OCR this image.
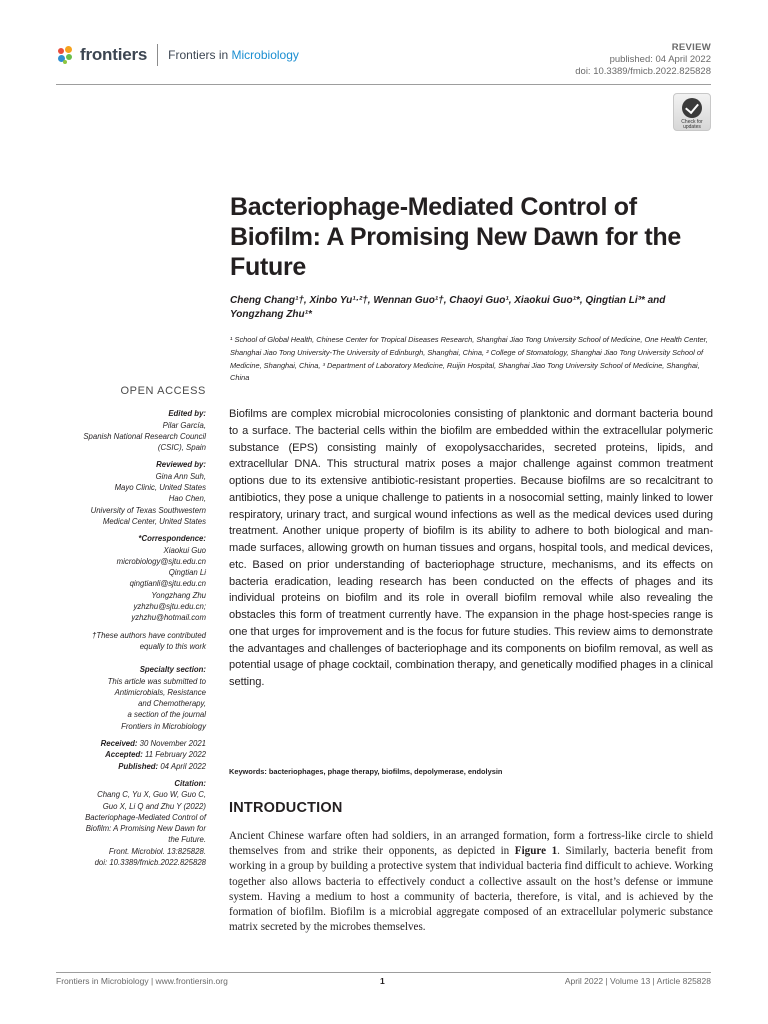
frontiers Frontiers in Microbiology
REVIEW
published: 04 April 2022
doi: 10.3389/fmicb.2022.825828
Check for updates
Bacteriophage-Mediated Control of Biofilm: A Promising New Dawn for the Future
Cheng Chang¹†, Xinbo Yu¹·²†, Wennan Guo¹†, Chaoyi Guo¹, Xiaokui Guo¹*, Qingtian Li³* and Yongzhang Zhu¹*
¹ School of Global Health, Chinese Center for Tropical Diseases Research, Shanghai Jiao Tong University School of Medicine, One Health Center, Shanghai Jiao Tong University-The University of Edinburgh, Shanghai, China, ² College of Stomatology, Shanghai Jiao Tong University School of Medicine, Shanghai, China, ³ Department of Laboratory Medicine, Ruijin Hospital, Shanghai Jiao Tong University School of Medicine, Shanghai, China
OPEN ACCESS
Edited by:
Pilar García,
Spanish National Research Council
(CSIC), Spain
Reviewed by:
Gina Ann Suh,
Mayo Clinic, United States
Hao Chen,
University of Texas Southwestern
Medical Center, United States
*Correspondence:
Xiaokui Guo
microbiology@sjtu.edu.cn
Qingtian Li
qingtianli@sjtu.edu.cn
Yongzhang Zhu
yzhzhu@sjtu.edu.cn;
yzhzhu@hotmail.com
†These authors have contributed
equally to this work
Specialty section:
This article was submitted to
Antimicrobials, Resistance
and Chemotherapy,
a section of the journal
Frontiers in Microbiology
Received: 30 November 2021
Accepted: 11 February 2022
Published: 04 April 2022
Citation:
Chang C, Yu X, Guo W, Guo C,
Guo X, Li Q and Zhu Y (2022)
Bacteriophage-Mediated Control of
Biofilm: A Promising New Dawn for
the Future.
Front. Microbiol. 13:825828.
doi: 10.3389/fmicb.2022.825828
Biofilms are complex microbial microcolonies consisting of planktonic and dormant bacteria bound to a surface. The bacterial cells within the biofilm are embedded within the extracellular polymeric substance (EPS) consisting mainly of exopolysaccharides, secreted proteins, lipids, and extracellular DNA. This structural matrix poses a major challenge against common treatment options due to its extensive antibiotic-resistant properties. Because biofilms are so recalcitrant to antibiotics, they pose a unique challenge to patients in a nosocomial setting, mainly linked to lower respiratory, urinary tract, and surgical wound infections as well as the medical devices used during treatment. Another unique property of biofilm is its ability to adhere to both biological and man-made surfaces, allowing growth on human tissues and organs, hospital tools, and medical devices, etc. Based on prior understanding of bacteriophage structure, mechanisms, and its effects on bacteria eradication, leading research has been conducted on the effects of phages and its individual proteins on biofilm and its role in overall biofilm removal while also revealing the obstacles this form of treatment currently have. The expansion in the phage host-species range is one that urges for improvement and is the focus for future studies. This review aims to demonstrate the advantages and challenges of bacteriophage and its components on biofilm removal, as well as potential usage of phage cocktail, combination therapy, and genetically modified phages in a clinical setting.
Keywords: bacteriophages, phage therapy, biofilms, depolymerase, endolysin
INTRODUCTION
Ancient Chinese warfare often had soldiers, in an arranged formation, form a fortress-like circle to shield themselves from and strike their opponents, as depicted in Figure 1. Similarly, bacteria benefit from working in a group by building a protective system that individual bacteria find difficult to achieve. Working together also allows bacteria to effectively conduct a collective assault on the host’s defense or immune system. Having a medium to host a community of bacteria, therefore, is vital, and is achieved by the formation of biofilm. Biofilm is a microbial aggregate composed of an extracellular polymeric substance matrix secreted by the microbes themselves.
Frontiers in Microbiology | www.frontiersin.org	1	April 2022 | Volume 13 | Article 825828
